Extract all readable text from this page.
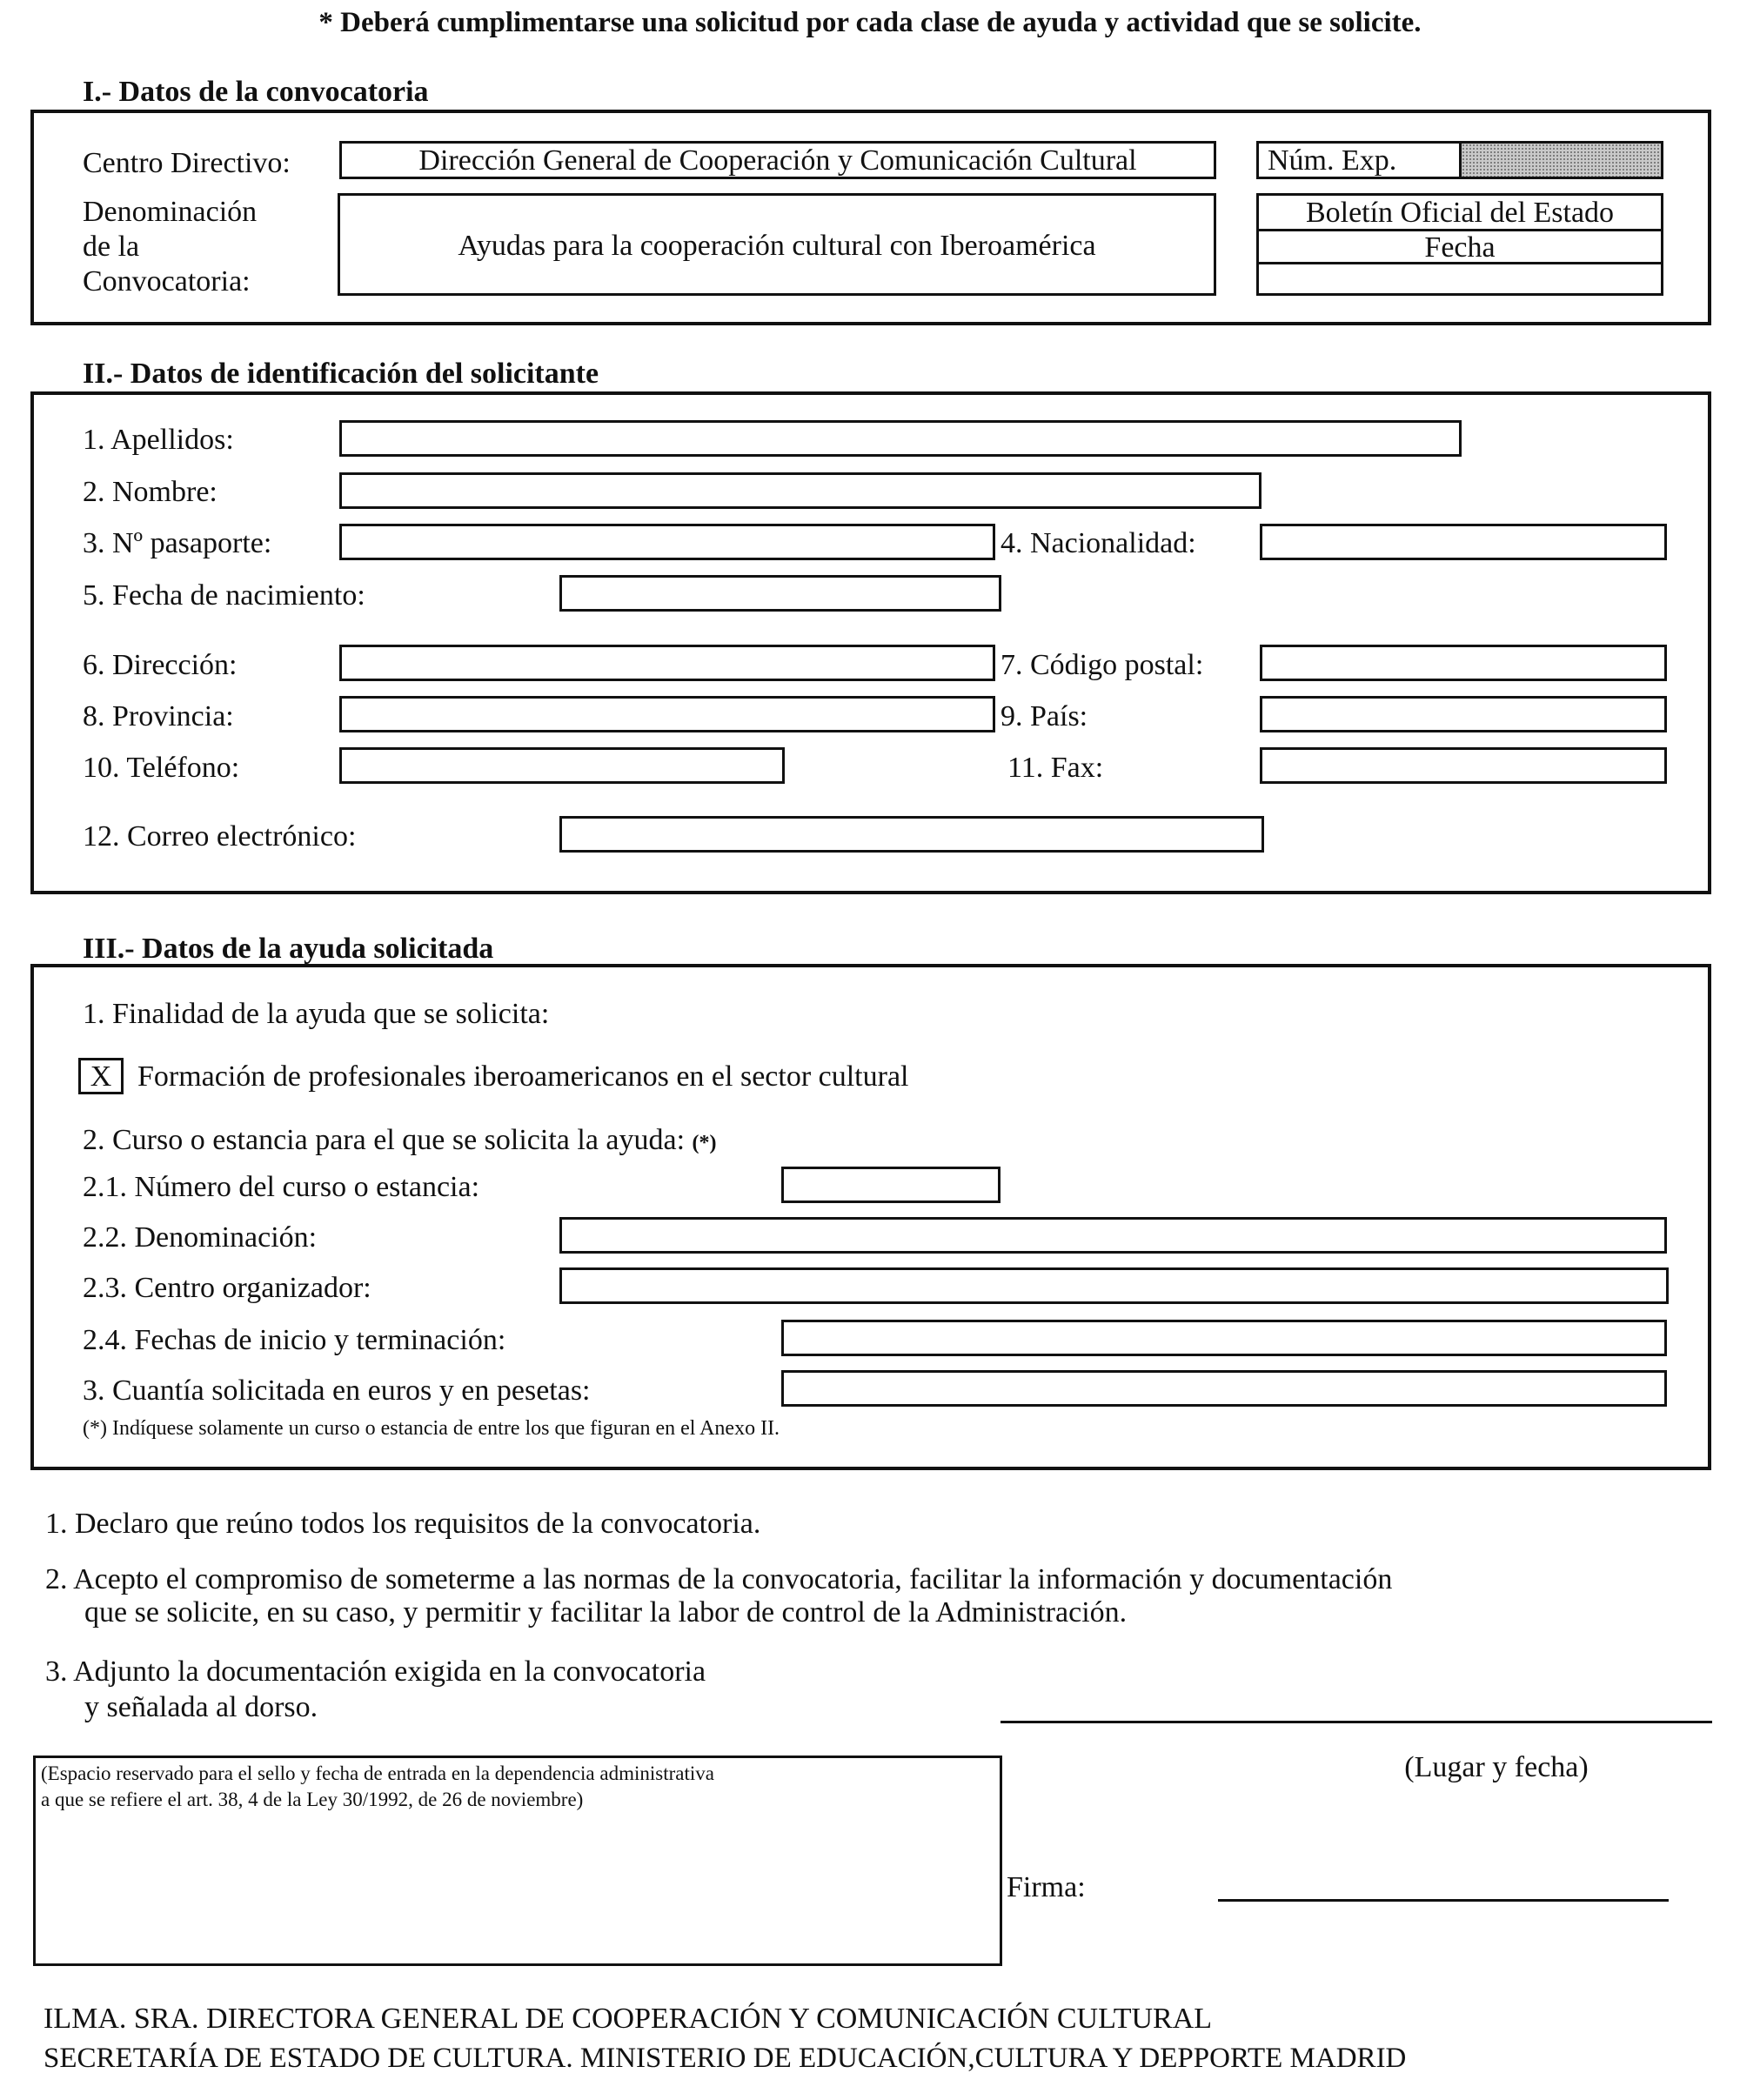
* Deberá cumplimentarse una solicitud por cada clase de ayuda y actividad que se solicite.
I.- Datos de la convocatoria
Centro Directivo:	Dirección General de Cooperación y Comunicación Cultural	Núm. Exp.
Denominación
de la
Convocatoria:
Ayudas para la cooperación cultural con Iberoamérica
Boletín Oficial del Estado
Fecha
II.- Datos de identificación del solicitante
1. Apellidos:
2. Nombre:
3. Nº pasaporte:	4. Nacionalidad:
5. Fecha de nacimiento:
6. Dirección:	7. Código postal:
8. Provincia:	9. País:
10. Teléfono:	11. Fax:
12. Correo electrónico:
III.- Datos de la ayuda solicitada
1. Finalidad de la ayuda que se solicita:
X Formación de profesionales iberoamericanos en el sector cultural
2. Curso o estancia para el que se solicita la ayuda: (*)
2.1. Número del curso o estancia:
2.2. Denominación:
2.3. Centro organizador:
2.4. Fechas de inicio y terminación:
3. Cuantía solicitada en euros y en pesetas:
(*) Indíquese solamente un curso o estancia de entre los que figuran en el Anexo II.
1. Declaro que reúno todos los requisitos de la convocatoria.
2. Acepto el compromiso de someterme a las normas de la convocatoria, facilitar la información y documentación
que se solicite, en su caso, y permitir y facilitar la labor de control de la Administración.
3. Adjunto la documentación exigida en la convocatoria
y señalada al dorso.
(Lugar y fecha)
(Espacio reservado para el sello y fecha de entrada en la dependencia administrativa
a que se refiere el art. 38, 4 de la Ley 30/1992, de 26 de noviembre)
Firma:
ILMA. SRA. DIRECTORA GENERAL DE COOPERACIÓN Y COMUNICACIÓN CULTURAL
SECRETARÍA DE ESTADO DE CULTURA. MINISTERIO DE EDUCACIÓN,CULTURA Y DEPPORTE MADRID
